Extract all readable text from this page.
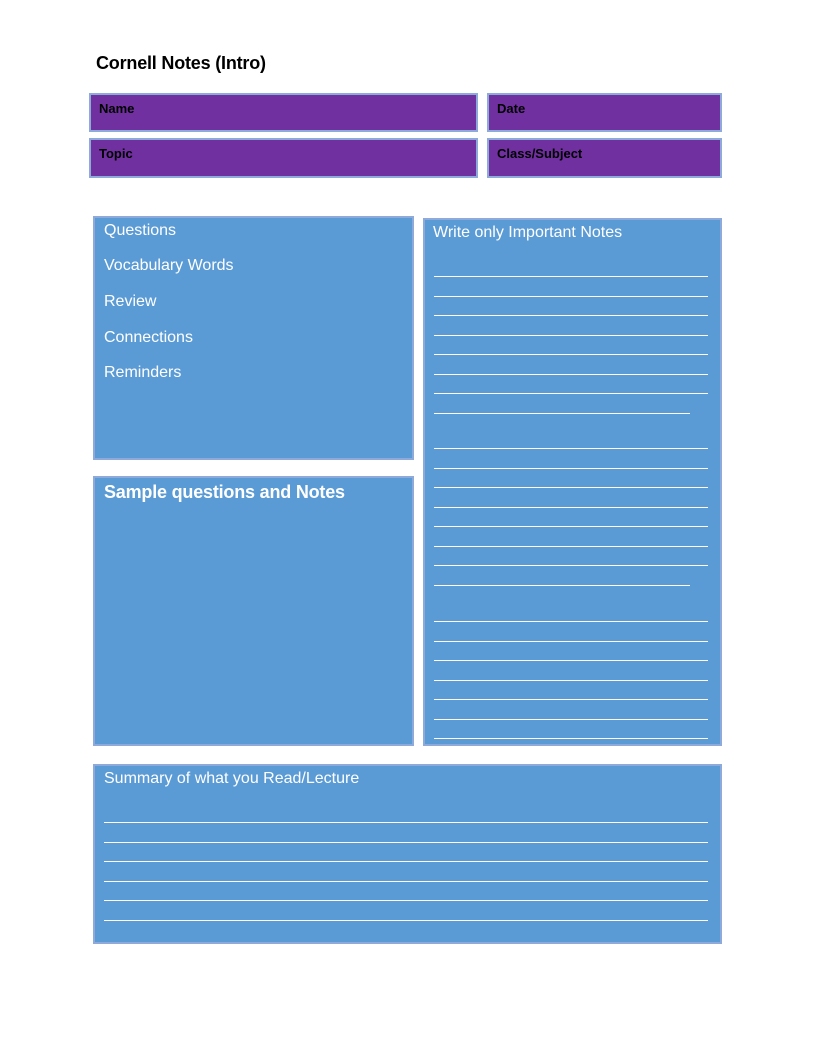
Cornell Notes (Intro)
Name	Date
Topic	Class/Subject
Questions
Vocabulary Words
Review
Connections
Reminders
Sample questions and Notes
Write only Important Notes
Summary of what you Read/Lecture
